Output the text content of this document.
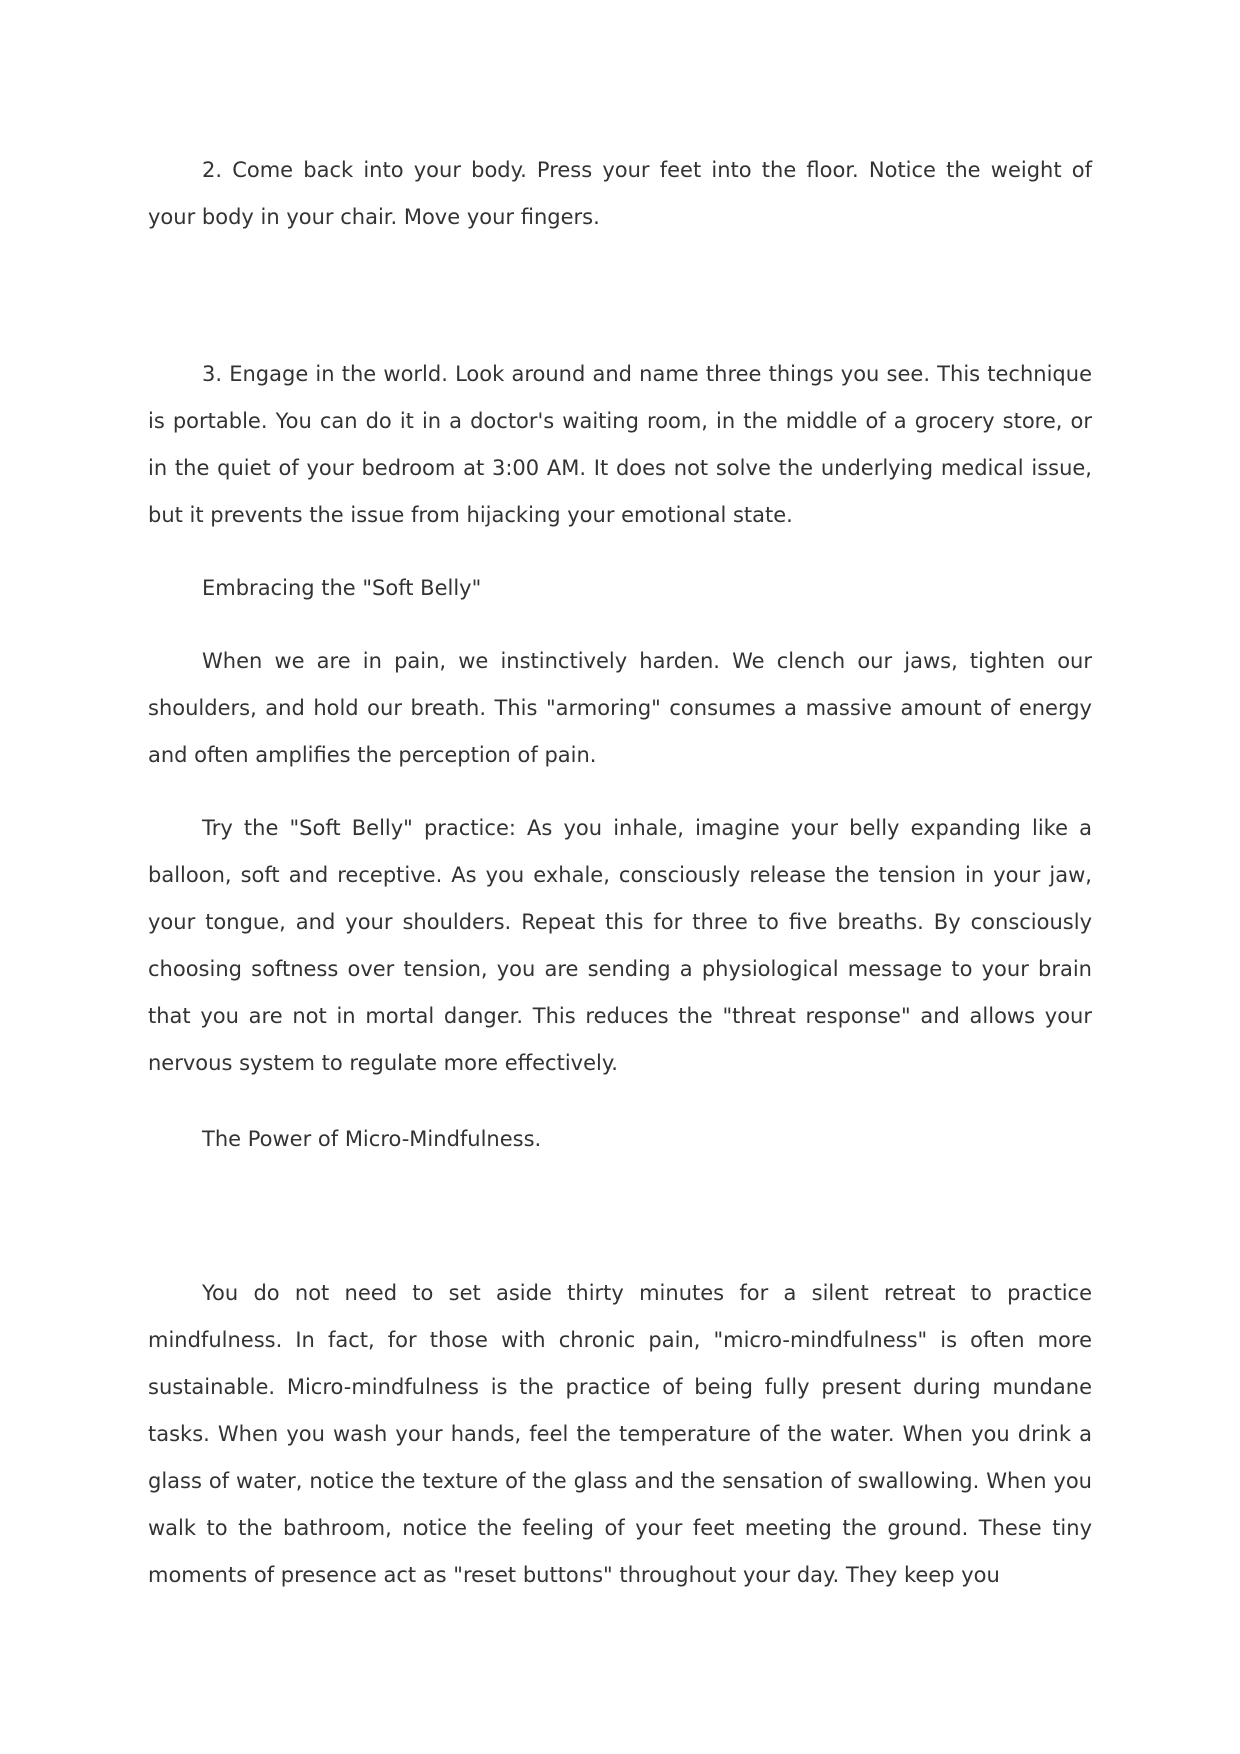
2. Come back into your body. Press your feet into the floor. Notice the weight of your body in your chair. Move your fingers.

3. Engage in the world. Look around and name three things you see. This technique is portable. You can do it in a doctor's waiting room, in the middle of a grocery store, or in the quiet of your bedroom at 3:00 AM. It does not solve the underlying medical issue, but it prevents the issue from hijacking your emotional state.

Embracing the "Soft Belly"

When we are in pain, we instinctively harden. We clench our jaws, tighten our shoulders, and hold our breath. This "armoring" consumes a massive amount of energy and often amplifies the perception of pain.

Try the "Soft Belly" practice: As you inhale, imagine your belly expanding like a balloon, soft and receptive. As you exhale, consciously release the tension in your jaw, your tongue, and your shoulders. Repeat this for three to five breaths. By consciously choosing softness over tension, you are sending a physiological message to your brain that you are not in mortal danger. This reduces the "threat response" and allows your nervous system to regulate more effectively.

The Power of Micro-Mindfulness.

You do not need to set aside thirty minutes for a silent retreat to practice mindfulness. In fact, for those with chronic pain, "micro-mindfulness" is often more sustainable. Micro-mindfulness is the practice of being fully present during mundane tasks. When you wash your hands, feel the temperature of the water. When you drink a glass of water, notice the texture of the glass and the sensation of swallowing. When you walk to the bathroom, notice the feeling of your feet meeting the ground. These tiny moments of presence act as "reset buttons" throughout your day. They keep you
